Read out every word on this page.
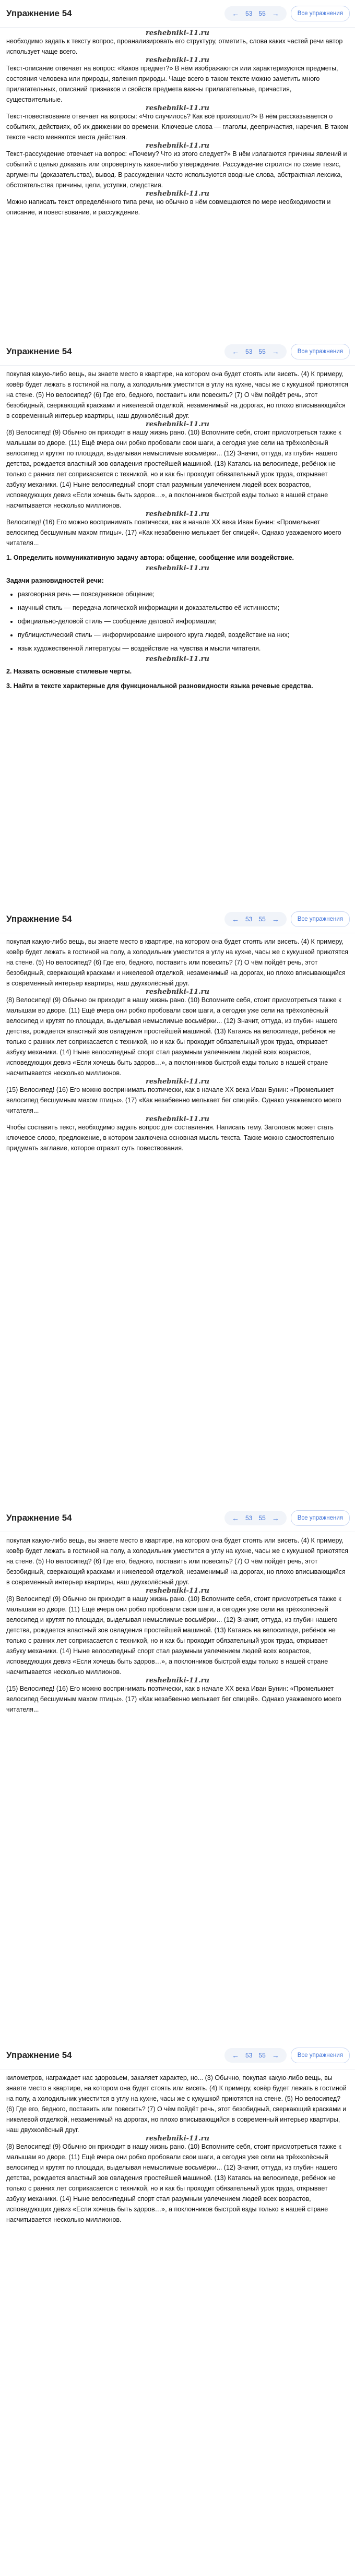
Упражнение 54	← 53 55 →	Все упражнения
reshebniki-11.ru

необходимо задать к тексту вопрос, проанализировать его структуру, отметить, слова каких частей речи автор использует чаще всего.

reshebniki-11.ru

Текст-описание отвечает на вопрос: «Каков предмет?» В нём изображаются или характеризуются предметы, состояния человека или природы, явления природы. Чаще всего в таком тексте можно заметить много прилагательных, описаний признаков и свойств предмета важны прилагательные, причастия, существительные.

reshebniki-11.ru

Текст-повествование отвечает на вопросы: «Что случилось? Как всё произошло?» В нём рассказывается о событиях, действиях, об их движении во времени. Ключевые слова — глаголы, деепричастия, наречия. В таком тексте часто меняются места действия.

reshebniki-11.ru

Текст-рассуждение отвечает на вопрос: «Почему? Что из этого следует?» В нём излагаются причины явлений и событий с целью доказать или опровергнуть какое-либо утверждение. Рассуждение строится по схеме тезис, аргументы (доказательства), вывод. В рассуждении часто используются вводные слова, абстрактная лексика, обстоятельства причины, цели, уступки, следствия.

reshebniki-11.ru

Можно написать текст определённого типа речи, но обычно в нём совмещаются по мере необходимости и описание, и повествование, и рассуждение.

Упражнение 54	← 53 55 →	Все упражнения

покупая какую-либо вещь, вы знаете место в квартире, на котором она будет стоять или висеть. (4) К примеру, ковёр будет лежать в гостиной на полу, а холодильник уместится в углу на кухне, часы же с кукушкой приютятся на стене. (5) Но велосипед? (6) Где его, бедного, поставить или повесить? (7) О чём пойдёт речь, этот безобидный, сверкающий красками и никелевой отделкой, незаменимый на дорогах, но плохо вписывающийся в современный интерьер квартиры, наш двухколёсный друг.

reshebniki-11.ru

(8) Велосипед! (9) Обычно он приходит в нашу жизнь рано. (10) Вспомните себя, стоит присмотреться также к малышам во дворе. (11) Ещё вчера они робко пробовали свои шаги, а сегодня уже сели на трёхколёсный велосипед и крутят по площади, выделывая немыслимые восьмёрки... (12) Значит, оттуда, из глубин нашего детства, рождается властный зов овладения простейшей машиной. (13) Катаясь на велосипеде, ребёнок не только с ранних лет соприкасается с техникой, но и как бы проходит обязательный урок труда, открывает азбуку механики. (14) Ныне велосипедный спорт стал разумным увлечением людей всех возрастов, исповедующих девиз «Если хочешь быть здоров…», а поклонников быстрой езды только в нашей стране насчитывается несколько миллионов.

reshebniki-11.ru

Велосипед! (16) Его можно воспринимать поэтически, как в начале XX века Иван Бунин: «Промелькнет велосипед бесшумным махом птицы». (17) «Как незабвенно мелькает бег спицей». Однако уважаемого моего читателя...

1. Определить коммуникативную задачу автора: общение, сообщение или воздействие.

reshebniki-11.ru

Задачи разновидностей речи:

• разговорная речь — повседневное общение;
• научный стиль — передача логической информации и доказательство её истинности;
• официально-деловой стиль — сообщение деловой информации;
• публицистический стиль — информирование широкого круга людей, воздействие на них;
• язык художественной литературы — воздействие на чувства и мысли читателя.
reshebniki-11.ru

2. Назвать основные стилевые черты.

3. Найти в тексте характерные для функциональной разновидности языка речевые средства.

Упражнение 54	← 53 55 →	Все упражнения

покупая какую-либо вещь, вы знаете место в квартире, на котором она будет стоять или висеть. (4) К примеру, ковёр будет лежать в гостиной на полу, а холодильник уместится в углу на кухне, часы же с кукушкой приютятся на стене. (5) Но велосипед? (6) Где его, бедного, поставить или повесить? (7) О чём пойдёт речь, этот безобидный, сверкающий красками и никелевой отделкой, незаменимый на дорогах, но плохо вписывающийся в современный интерьер квартиры, наш двухколёсный друг.

reshebniki-11.ru

(8) Велосипед! (9) Обычно он приходит в нашу жизнь рано. (10) Вспомните себя, стоит присмотреться также к малышам во дворе. (11) Ещё вчера они робко пробовали свои шаги, а сегодня уже сели на трёхколёсный велосипед и крутят по площади, выделывая немыслимые восьмёрки... (12) Значит, оттуда, из глубин нашего детства, рождается властный зов овладения простейшей машиной. (13) Катаясь на велосипеде, ребёнок не только с ранних лет соприкасается с техникой, но и как бы проходит обязательный урок труда, открывает азбуку механики. (14) Ныне велосипедный спорт стал разумным увлечением людей всех возрастов, исповедующих девиз «Если хочешь быть здоров…», а поклонников быстрой езды только в нашей стране насчитывается несколько миллионов.

reshebniki-11.ru

(15) Велосипед! (16) Его можно воспринимать поэтически, как в начале XX века Иван Бунин: «Промелькнет велосипед бесшумным махом птицы». (17) «Как незабвенно мелькает бег спицей». Однако уважаемого моего читателя...

reshebniki-11.ru

Чтобы составить текст, необходимо задать вопрос для составления. Написать тему. Заголовок может стать ключевое слово, предложение, в котором заключена основная мысль текста. Также можно самостоятельно придумать заглавие, которое отразит суть повествования.

Упражнение 54	← 53 55 →	Все упражнения

покупая какую-либо вещь, вы знаете место в квартире, на котором она будет стоять или висеть. (4) К примеру, ковёр будет лежать в гостиной на полу, а холодильник уместится в углу на кухне, часы же с кукушкой приютятся на стене. (5) Но велосипед? (6) Где его, бедного, поставить или повесить? (7) О чём пойдёт речь, этот безобидный, сверкающий красками и никелевой отделкой, незаменимый на дорогах, но плохо вписывающийся в современный интерьер квартиры, наш двухколёсный друг.

reshebniki-11.ru

(8) Велосипед! (9) Обычно он приходит в нашу жизнь рано. (10) Вспомните себя, стоит присмотреться также к малышам во дворе. (11) Ещё вчера они робко пробовали свои шаги, а сегодня уже сели на трёхколёсный велосипед и крутят по площади, выделывая немыслимые восьмёрки... (12) Значит, оттуда, из глубин нашего детства, рождается властный зов овладения простейшей машиной. (13) Катаясь на велосипеде, ребёнок не только с ранних лет соприкасается с техникой, но и как бы проходит обязательный урок труда, открывает азбуку механики. (14) Ныне велосипедный спорт стал разумным увлечением людей всех возрастов, исповедующих девиз «Если хочешь быть здоров…», а поклонников быстрой езды только в нашей стране насчитывается несколько миллионов.

reshebniki-11.ru

(15) Велосипед! (16) Его можно воспринимать поэтически, как в начале XX века Иван Бунин: «Промелькнет велосипед бесшумным махом птицы». (17) «Как незабвенно мелькает бег спицей». Однако уважаемого моего читателя...

Упражнение 54	← 53 55 →	Все упражнения

километров, награждает нас здоровьем, закаляет характер, но... (3) Обычно, покупая какую-либо вещь, вы знаете место в квартире, на котором она будет стоять или висеть. (4) К примеру, ковёр будет лежать в гостиной на полу, а холодильник уместится в углу на кухне, часы же с кукушкой приютятся на стене. (5) Но велосипед? (6) Где его, бедного, поставить или повесить? (7) О чём пойдёт речь, этот безобидный, сверкающий красками и никелевой отделкой, незаменимый на дорогах, но плохо вписывающийся в современный интерьер квартиры, наш двухколёсный друг.

reshebniki-11.ru

(8) Велосипед! (9) Обычно он приходит в нашу жизнь рано. (10) Вспомните себя, стоит присмотреться также к малышам во дворе. (11) Ещё вчера они робко пробовали свои шаги, а сегодня уже сели на трёхколёсный велосипед и крутят по площади, выделывая немыслимые восьмёрки... (12) Значит, оттуда, из глубин нашего детства, рождается властный зов овладения простейшей машиной. (13) Катаясь на велосипеде, ребёнок не только с ранних лет соприкасается с техникой, но и как бы проходит обязательный урок труда, открывает азбуку механики. (14) Ныне велосипедный спорт стал разумным увлечением людей всех возрастов, исповедующих девиз «Если хочешь быть здоров…», а поклонников быстрой езды только в нашей стране насчитывается несколько миллионов.
